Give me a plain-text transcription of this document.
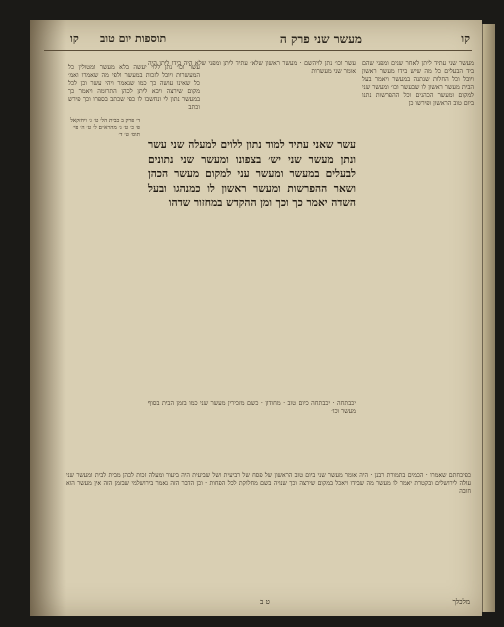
קו
מעשר שני פרק ה
תוספות יום טוב
קו
מעשר שני עתיד ליתן לאחר שנים ומפני שהם ביד הבעלים כל מה שיש בידו מעשר ראשון ויובל וכל החלות שנתנה במעשר ויאמר בעל הבית מעשר ראשון לו שבעשר וכו׳ ומעשר שני למקום ומעשר הכהנים וכל ההפרשות נתנו ביום טוב הראשון ופירשו כן
עשר וכו׳ נתן ללוי יעשה בלא מעשר ומטולין כל המעשרות ויובל לזכות במעשר ולפי מה שאמרו ואמ׳ כל שאינו עושה כך כמו שנאמר ויהי עשר וכן לכל מקום שירצה ויבא ליתן לכהן התרומה ויאמר כך במעשר נתון לי ונחשבו לו כפי שכתב בספרו וכך פירש וכתב
ד׳ פרק ב כבית הל׳ ט׳ ג׳ ויחזקאל פ׳ כ׳ ט׳ ג׳ מהרא״ם ל׳ ט׳ ה׳ פי׳ תוס׳ ט׳ ד׳
עשר וכו׳ נתן לויהשם · מעשר ראשון שלא׳ עתיד ליתן ומפני שלא היה בידו ליתן היה אומר שני מעשרות
עשר שאני עתיד למוד נתון ללוים למעלה שני עשר ונתן מעשר שני יש׳ בצפונו ומעשר שני נתונים לבעלים במעשר ומעשר עני למקום מעשר הכהן ושאר ההפרשות ומעשר ראשון לו כמנהגו ובעל השדה יאמר כך וכך ומן ההקדש במחזור שדהו
יכבתחה · יכבתחה כיום טוב · מחודון · כשם מזכירין מעשר שני כמו בזמן הבית בסוף מעשר וכו׳
כפיכחתם שאמרו · הכמים בתמורת רבנן · היה אומר מעשר שני ביום טוב הראשון של פסח של רביעית ושל שביעית היה ביעור ומעלה זכות לכהן מבית לבית ומעשר שני עולה לירושלים ובקטרת יאמר לו מעשר מה שבידו ויאכל במקום שירצה וכך שנויה בשם מחלוקת לכל הפחות · וכן הדבר הזה נאמר בירושלמי שבזמן הזה אין מעשר הוא חובה
ט ב	מלכלך
